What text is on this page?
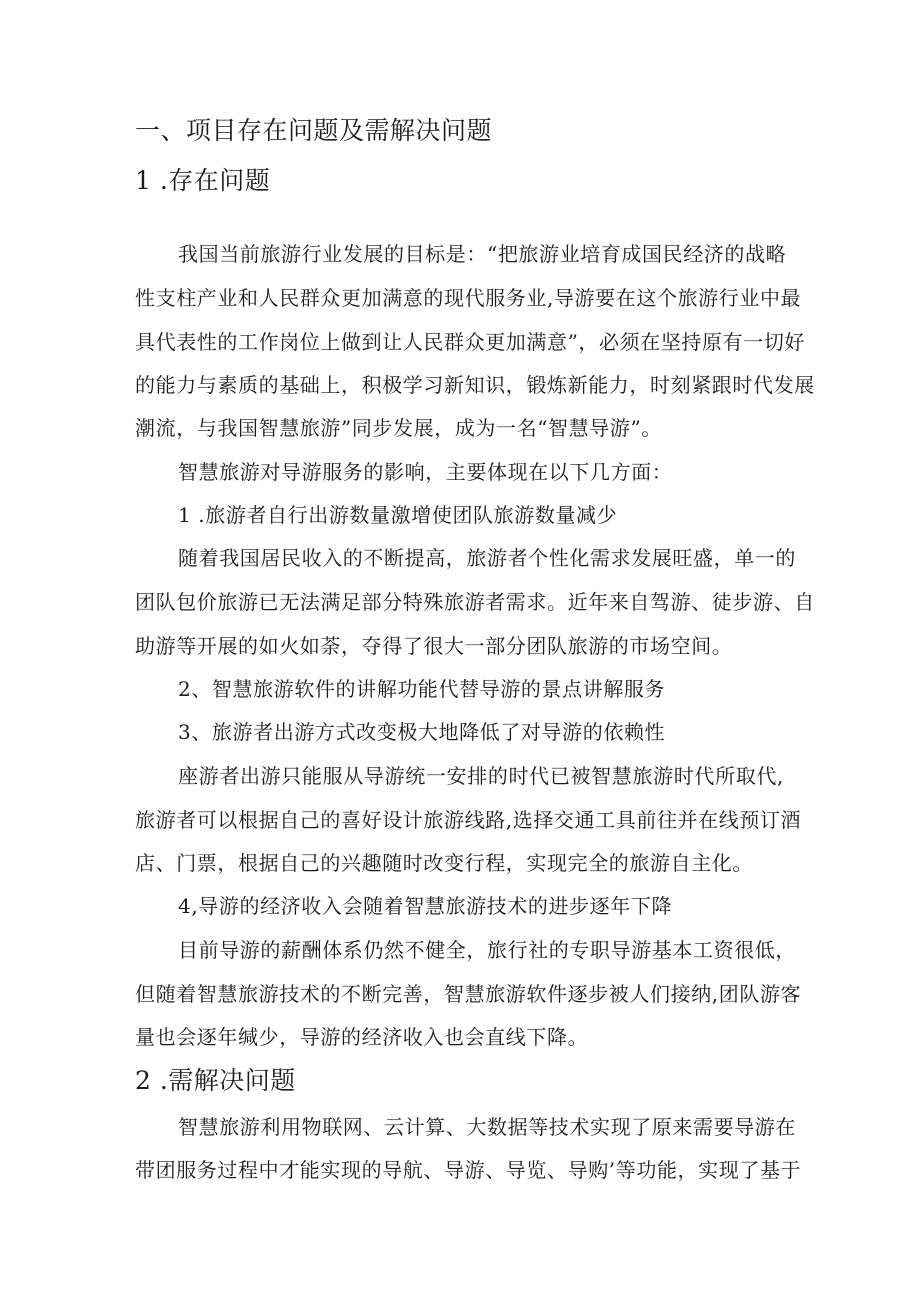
一、项目存在问题及需解决问题
1 .存在问题
我国当前旅游行业发展的目标是：“把旅游业培育成国民经济的战略
性支柱产业和人民群众更加满意的现代服务业,导游要在这个旅游行业中最
具代表性的工作岗位上做到让人民群众更加满意”，必须在坚持原有一切好
的能力与素质的基础上，积极学习新知识，锻炼新能力，时刻紧跟时代发展
潮流，与我国智慧旅游”同步发展，成为一名“智慧导游”。
智慧旅游对导游服务的影响，主要体现在以下几方面：
1 .旅游者自行出游数量激增使团队旅游数量减少
随着我国居民收入的不断提高，旅游者个性化需求发展旺盛，单一的
团队包价旅游已无法满足部分特殊旅游者需求。近年来自驾游、徒步游、自
助游等开展的如火如荼，夺得了很大一部分团队旅游的市场空间。
2、智慧旅游软件的讲解功能代替导游的景点讲解服务
3、旅游者出游方式改变极大地降低了对导游的依赖性
座游者出游只能服从导游统一安排的时代已被智慧旅游时代所取代,
旅游者可以根据自己的喜好设计旅游线路,选择交通工具前往并在线预订酒
店、门票，根据自己的兴趣随时改变行程，实现完全的旅游自主化。
4,导游的经济收入会随着智慧旅游技术的进步逐年下降
目前导游的薪酬体系仍然不健全，旅行社的专职导游基本工资很低，
但随着智慧旅游技术的不断完善，智慧旅游软件逐步被人们接纳,团队游客
量也会逐年缄少，导游的经济收入也会直线下降。
2 .需解决问题
智慧旅游利用物联网、云计算、大数据等技术实现了原来需要导游在
带团服务过程中才能实现的导航、导游、导览、导购’等功能，实现了基于
